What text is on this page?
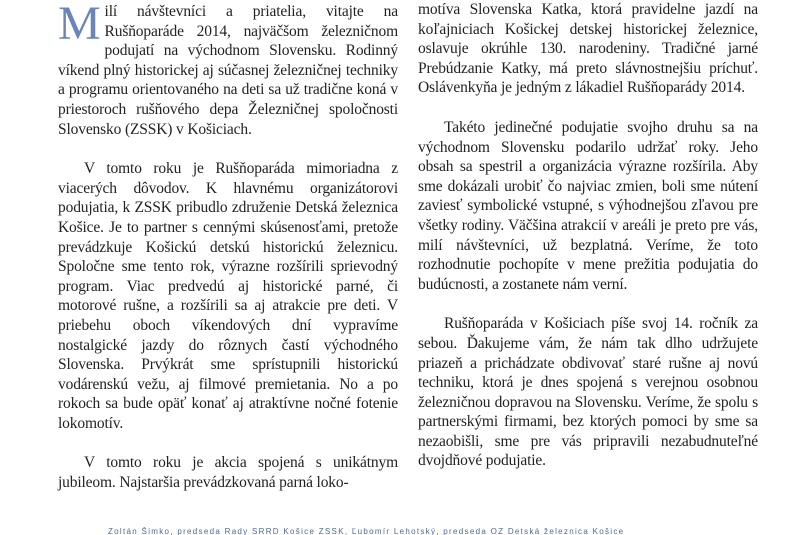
Milí návštevníci a priatelia, vitajte na Rušňoparáde 2014, najväčšom železničnom podujatí na východnom Slovensku. Rodinný víkend plný historickej aj súčasnej železničnej techniky a programu orientovaného na deti sa už tradične koná v priestoroch rušňového depa Železničnej spoločnosti Slovensko (ZSSK) v Košiciach.

V tomto roku je Rušňoparáda mimoriadna z viacerých dôvodov. K hlavnému organizátorovi podujatia, k ZSSK pribudlo združenie Detská železnica Košice. Je to partner s cennými skúsenosťami, pretože prevádzkuje Košickú detskú historickú železnicu. Spoločne sme tento rok, výrazne rozšírili sprievodný program. Viac predvedú aj historické parné, či motorové rušne, a rozšírili sa aj atrakcie pre deti. V priebehu oboch víkendových dní vypravíme nostalgické jazdy do rôznych častí východného Slovenska. Prvýkrát sme sprístupnili historickú vodárenskú vežu, aj filmové premietania. No a po rokoch sa bude opäť konať aj atraktívne nočné fotenie lokomotív.

V tomto roku je akcia spojená s unikátnym jubileom. Najstaršia prevádzkovaná parná loko-

motíva Slovenska Katka, ktorá pravidelne jazdí na koľajniciach Košickej detskej historickej železnice, oslavuje okrúhle 130. narodeniny. Tradičné jarné Prebúdzanie Katky, má preto slávnostnejšiu príchuť. Oslávenkyňa je jedným z lákadiel Rušňoparády 2014.

Takéto jedinečné podujatie svojho druhu sa na východnom Slovensku podarilo udržať roky. Jeho obsah sa spestril a organizácia výrazne rozšírila. Aby sme dokázali urobiť čo najviac zmien, boli sme nútení zaviesť symbolické vstupné, s výhodnejšou zľavou pre všetky rodiny. Väčšina atrakcií v areáli je preto pre vás, milí návštevníci, už bezplatná. Veríme, že toto rozhodnutie pochopíte v mene prežitia podujatia do budúcnosti, a zostanete nám verní.

Rušňoparáda v Košiciach píše svoj 14. ročník za sebou. Ďakujeme vám, že nám tak dlho udržujete priazeň a prichádzate obdivovať staré rušne aj novú techniku, ktorá je dnes spojená s verejnou osobnou železničnou dopravou na Slovensku. Veríme, že spolu s partnerskými firmami, bez ktorých pomoci by sme sa nezaobišli, sme pre vás pripravili nezabudnuteľné dvojdňové podujatie.

Zoltán Šimko, predseda Rady SRRD Košice ZSSK, Ľubomír Lehotský, predseda OZ Detská železnica Košice
